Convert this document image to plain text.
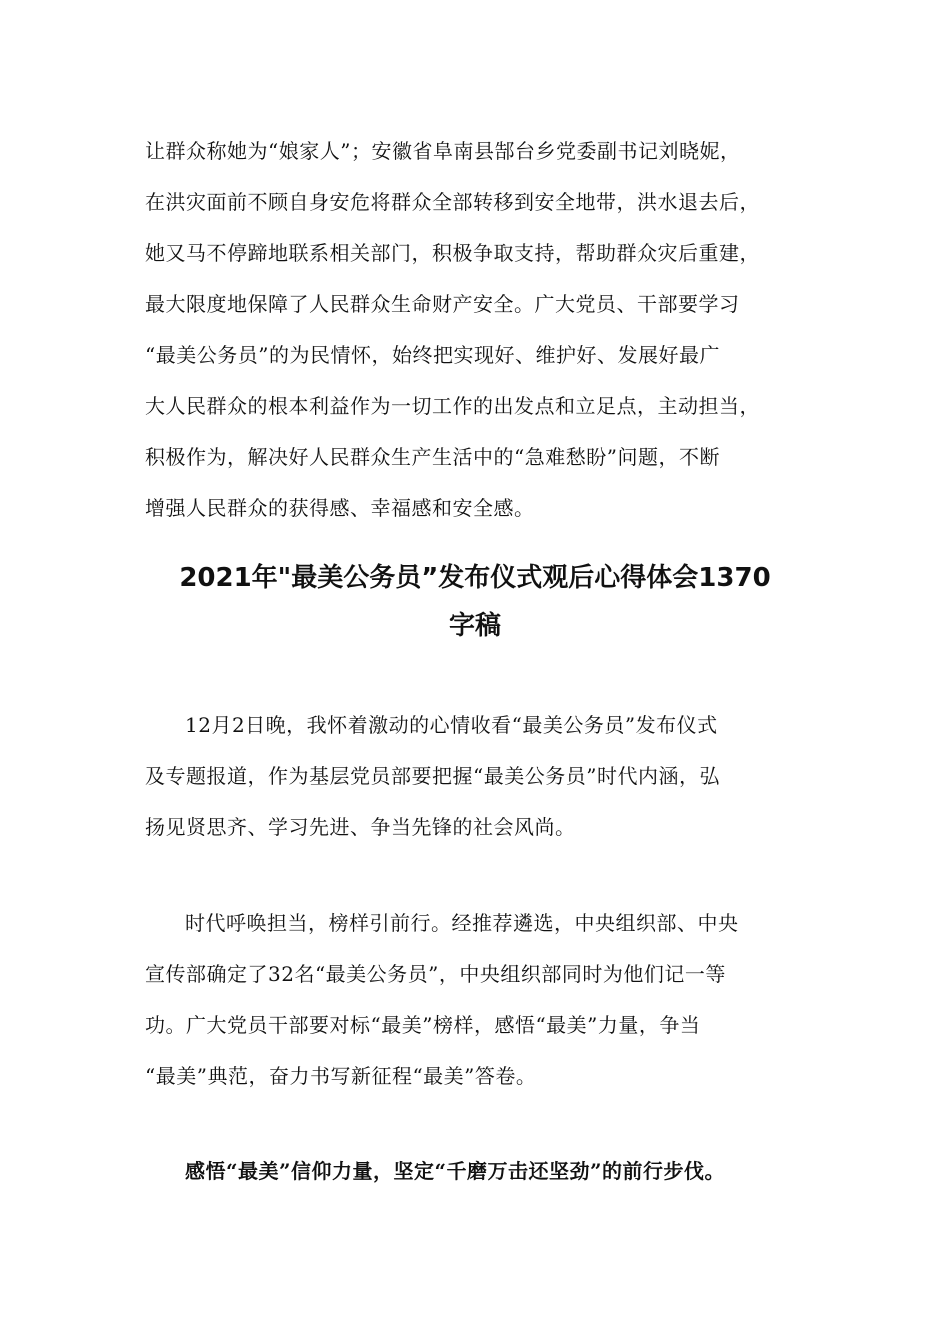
让群众称她为“娘家人”；安徽省阜南县郜台乡党委副书记刘晓妮，
在洪灾面前不顾自身安危将群众全部转移到安全地带，洪水退去后，
她又马不停蹄地联系相关部门，积极争取支持，帮助群众灾后重建，
最大限度地保障了人民群众生命财产安全。广大党员、干部要学习
“最美公务员”的为民情怀，始终把实现好、维护好、发展好最广
大人民群众的根本利益作为一切工作的出发点和立足点，主动担当，
积极作为，解决好人民群众生产生活中的“急难愁盼”问题，不断
增强人民群众的获得感、幸福感和安全感。
2021年"最美公务员”发布仪式观后心得体会1370
字稿
12月2日晚，我怀着激动的心情收看“最美公务员”发布仪式
及专题报道，作为基层党员部要把握“最美公务员”时代内涵，弘
扬见贤思齐、学习先进、争当先锋的社会风尚。
时代呼唤担当，榜样引前行。经推荐遴选，中央组织部、中央
宣传部确定了32名“最美公务员”，中央组织部同时为他们记一等
功。广大党员干部要对标“最美”榜样，感悟“最美”力量，争当
“最美”典范，奋力书写新征程“最美”答卷。
感悟“最美”信仰力量，坚定“千磨万击还坚劲”的前行步伐。
